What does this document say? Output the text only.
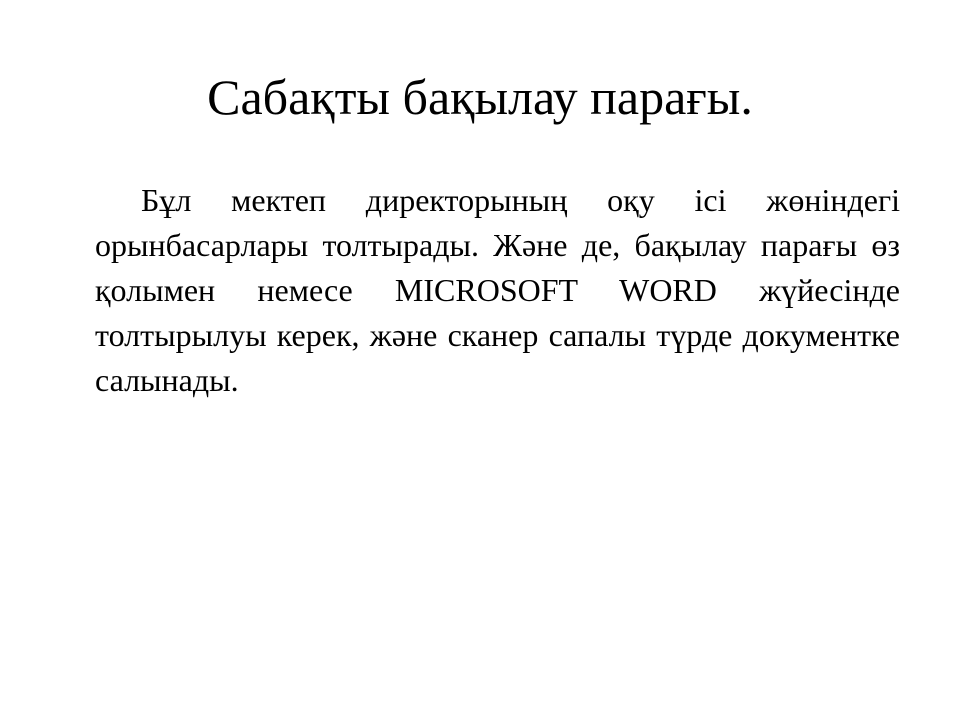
Сабақты бақылау парағы.

Бұл мектеп директорының оқу ісі жөніндегі орынбасарлары толтырады. Және де, бақылау парағы өз қолымен немесе MICROSOFT WORD жүйесінде толтырылуы керек, және сканер сапалы түрде документке салынады.
